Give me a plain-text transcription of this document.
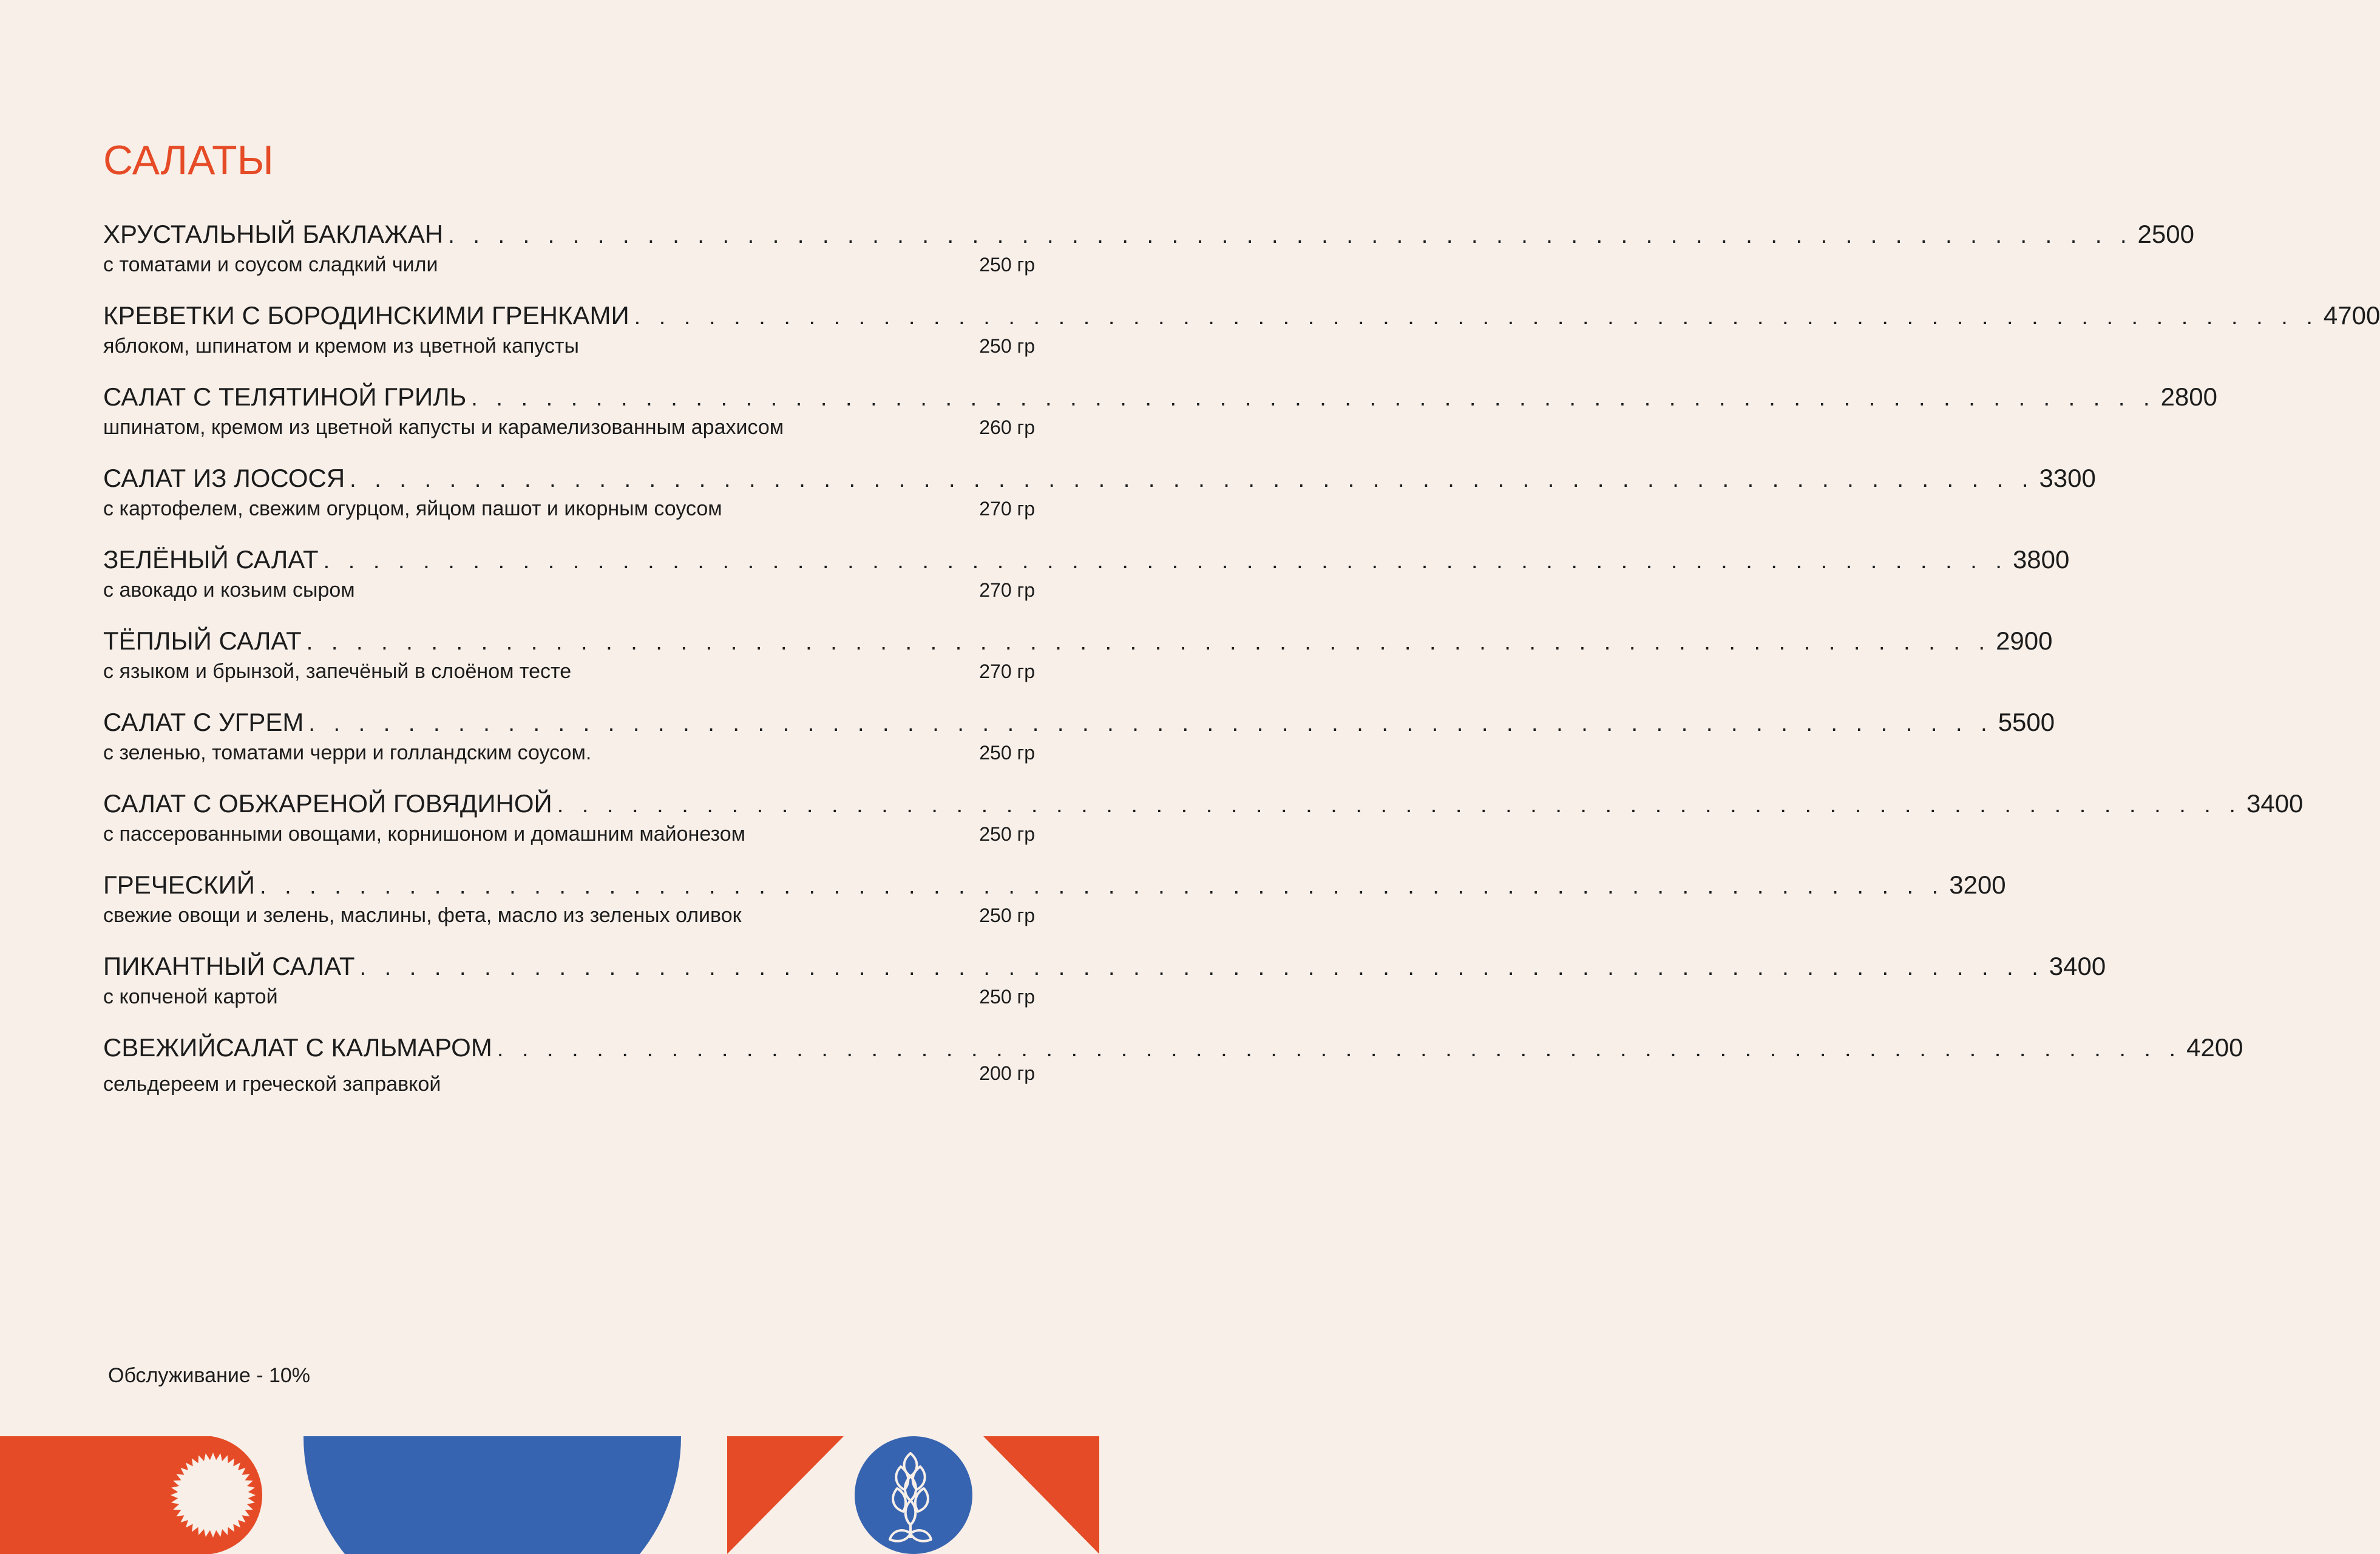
САЛАТЫ
ХРУСТАЛЬНЫЙ БАКЛАЖАН . . . . . . . . . . . . . . . . . . . . . . . . . . . . . . . . . . . . . . . . . . . . . . . . . . . . . . . . . . . . . . . . . . . . 2500
с томатами и соусом сладкий чили	250 гр
КРЕВЕТКИ С БОРОДИНСКИМИ ГРЕНКАМИ . . . . . . . . . . . . . . . . . . . . . . . . . . . . . . . . . . . . . . . . . . . . . . . . . . . . . . . . . . . . . . . . . . . . 4700
яблоком, шпинатом и кремом из цветной капусты	250 гр
САЛАТ С ТЕЛЯТИНОЙ ГРИЛЬ . . . . . . . . . . . . . . . . . . . . . . . . . . . . . . . . . . . . . . . . . . . . . . . . . . . . . . . . . . . . . . . . . . . . 2800
шпинатом, кремом из цветной капусты и карамелизованным арахисом	260 гр
САЛАТ ИЗ ЛОСОСЯ . . . . . . . . . . . . . . . . . . . . . . . . . . . . . . . . . . . . . . . . . . . . . . . . . . . . . . . . . . . . . . . . . . . . 3300
с картофелем, свежим огурцом, яйцом пашот и икорным соусом	270 гр
ЗЕЛЁНЫЙ САЛАТ . . . . . . . . . . . . . . . . . . . . . . . . . . . . . . . . . . . . . . . . . . . . . . . . . . . . . . . . . . . . . . . . . . . . 3800
с авокадо и козьим сыром	270 гр
ТЁПЛЫЙ САЛАТ . . . . . . . . . . . . . . . . . . . . . . . . . . . . . . . . . . . . . . . . . . . . . . . . . . . . . . . . . . . . . . . . . . . . 2900
с языком и брынзой, запечёный в слоёном тесте	270 гр
САЛАТ С УГРЕМ . . . . . . . . . . . . . . . . . . . . . . . . . . . . . . . . . . . . . . . . . . . . . . . . . . . . . . . . . . . . . . . . . . . . 5500
с зеленью, томатами черри и голландским соусом.	250 гр
САЛАТ С ОБЖАРЕНОЙ ГОВЯДИНОЙ . . . . . . . . . . . . . . . . . . . . . . . . . . . . . . . . . . . . . . . . . . . . . . . . . . . . . . . . . . . . . . . . . . . . 3400
с пассерованными овощами, корнишоном и домашним майонезом	250 гр
ГРЕЧЕСКИЙ . . . . . . . . . . . . . . . . . . . . . . . . . . . . . . . . . . . . . . . . . . . . . . . . . . . . . . . . . . . . . . . . . . . . 3200
свежие овощи и зелень, маслины, фета, масло из зеленых оливок	250 гр
ПИКАНТНЫЙ САЛАТ . . . . . . . . . . . . . . . . . . . . . . . . . . . . . . . . . . . . . . . . . . . . . . . . . . . . . . . . . . . . . . . . . . . . 3400
с копченой картой	250 гр
СВЕЖИЙСАЛАТ С КАЛЬМАРОМ . . . . . . . . . . . . . . . . . . . . . . . . . . . . . . . . . . . . . . . . . . . . . . . . . . . . . . . . . . . . . . . . . . . . 4200
сельдереем и греческой заправкой	200 гр
Обслуживание - 10%
